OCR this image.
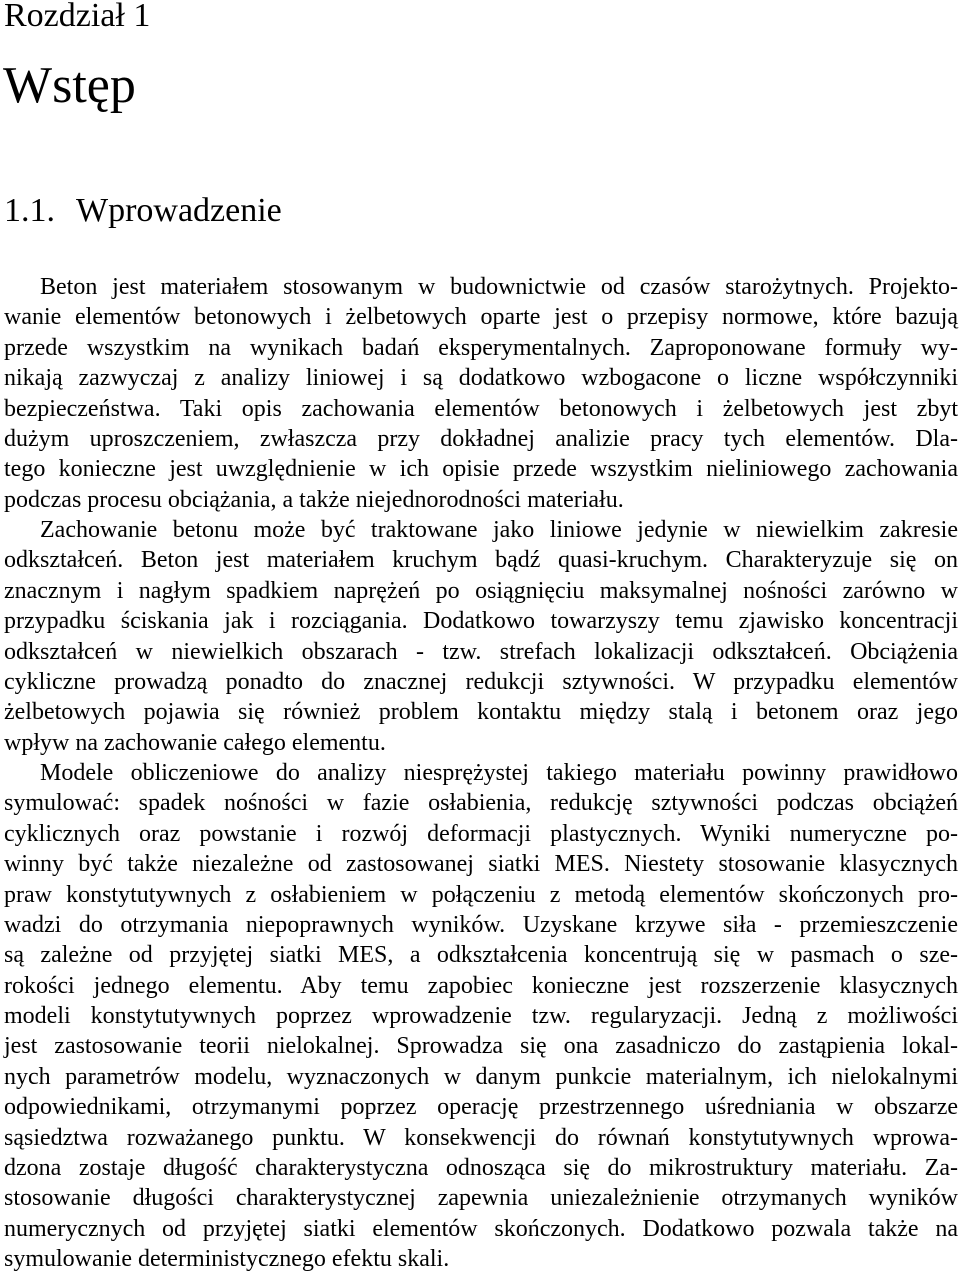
Rozdział 1
Wstęp
1.1. Wprowadzenie
Beton jest materiałem stosowanym w budownictwie od czasów starożytnych. Projekto-
wanie elementów betonowych i żelbetowych oparte jest o przepisy normowe, które bazują
przede wszystkim na wynikach badań eksperymentalnych. Zaproponowane formuły wy-
nikają zazwyczaj z analizy liniowej i są dodatkowo wzbogacone o liczne współczynniki
bezpieczeństwa. Taki opis zachowania elementów betonowych i żelbetowych jest zbyt
dużym uproszczeniem, zwłaszcza przy dokładnej analizie pracy tych elementów. Dla-
tego konieczne jest uwzględnienie w ich opisie przede wszystkim nieliniowego zachowania
podczas procesu obciążania, a także niejednorodności materiału.
Zachowanie betonu może być traktowane jako liniowe jedynie w niewielkim zakresie
odkształceń. Beton jest materiałem kruchym bądź quasi-kruchym. Charakteryzuje się on
znacznym i nagłym spadkiem naprężeń po osiągnięciu maksymalnej nośności zarówno w
przypadku ściskania jak i rozciągania. Dodatkowo towarzyszy temu zjawisko koncentracji
odkształceń w niewielkich obszarach - tzw. strefach lokalizacji odkształceń. Obciążenia
cykliczne prowadzą ponadto do znacznej redukcji sztywności. W przypadku elementów
żelbetowych pojawia się również problem kontaktu między stalą i betonem oraz jego
wpływ na zachowanie całego elementu.
Modele obliczeniowe do analizy niesprężystej takiego materiału powinny prawidłowo
symulować: spadek nośności w fazie osłabienia, redukcję sztywności podczas obciążeń
cyklicznych oraz powstanie i rozwój deformacji plastycznych. Wyniki numeryczne po-
winny być także niezależne od zastosowanej siatki MES. Niestety stosowanie klasycznych
praw konstytutywnych z osłabieniem w połączeniu z metodą elementów skończonych pro-
wadzi do otrzymania niepoprawnych wyników. Uzyskane krzywe siła - przemieszczenie
są zależne od przyjętej siatki MES, a odkształcenia koncentrują się w pasmach o sze-
rokości jednego elementu. Aby temu zapobiec konieczne jest rozszerzenie klasycznych
modeli konstytutywnych poprzez wprowadzenie tzw. regularyzacji. Jedną z możliwości
jest zastosowanie teorii nielokalnej. Sprowadza się ona zasadniczo do zastąpienia lokal-
nych parametrów modelu, wyznaczonych w danym punkcie materialnym, ich nielokalnymi
odpowiednikami, otrzymanymi poprzez operację przestrzennego uśredniania w obszarze
sąsiedztwa rozważanego punktu. W konsekwencji do równań konstytutywnych wprowa-
dzona zostaje długość charakterystyczna odnosząca się do mikrostruktury materiału. Za-
stosowanie długości charakterystycznej zapewnia uniezależnienie otrzymanych wyników
numerycznych od przyjętej siatki elementów skończonych. Dodatkowo pozwala także na
symulowanie deterministycznego efektu skali.
